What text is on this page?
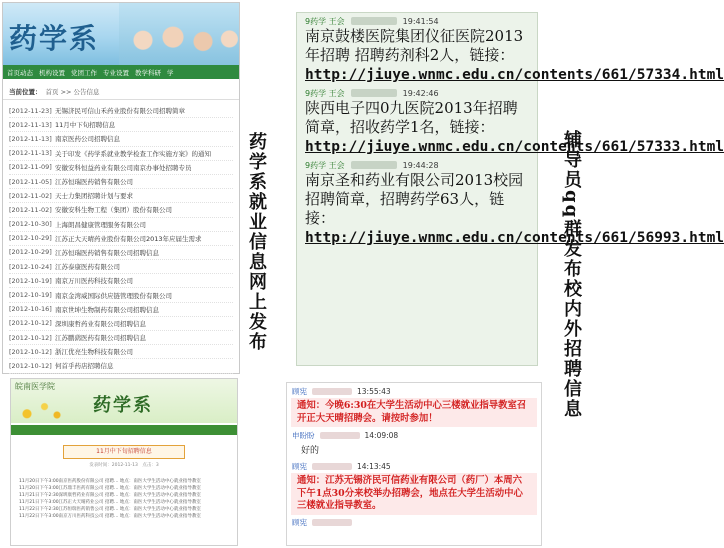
药学系
首页动态 机构设置 党团工作 专业设置 教学科研 学
当前位置： 首页 >> 公告信息
[2012-11-23] 无锡济民可信山禾药业股份有限公司招聘简章
[2012-11-13] 11月中下旬招聘信息
[2012-11-13] 南京医药公司招聘信息
[2012-11-13] 关于印发《药学系就业教学检查工作实施方案》的通知
[2012-11-09] 安徽安科恒益药业有限公司南京办事处招聘专员
[2012-11-05] 江苏恒瑞医药销售有限公司
[2012-11-02] 天士力集团招聘计划与要求
[2012-11-02] 安徽安科生物工程（集团）股份有限公司
[2012-10-30] 上海朗昌健康管理服务有限公司
[2012-10-29] 江苏正大天晴药业股份有限公司2013年应届生需求
[2012-10-29] 江苏恒瑞医药销售有限公司招聘信息
[2012-10-24] 江苏泰康医药有限公司
[2012-10-19] 南京万川医药科技有限公司
[2012-10-19] 南京金湾威国际供应链管理股份有限公司
[2012-10-16] 南京世坤生物制药有限公司招聘信息
[2012-10-12] 深圳康哲药业有限公司招聘信息
[2012-10-12] 江苏鹏鹞医药有限公司招聘信息
[2012-10-12] 浙江优亮生物科技有限公司
[2012-10-12] 何首乎药店招聘信息
皖南医学院
药学系
11月中下旬招聘信息
发表时间：2012-11-13　点击：3
11月20日下午3:00南京医药股份有限公司 招聘… 地点：南医大学生活动中心就业指导教室
11月20日下午3:00江苏鼎丰医药有限公司 招聘… 地点：南医大学生活动中心就业指导教室
11月21日下午2:30深圳康哲药业有限公司 招聘… 地点：南医大学生活动中心就业指导教室
11月21日下午3:00江苏正大天晴药业公司 招聘… 地点：南医大学生活动中心就业指导教室
11月22日下午2:30江苏恒瑞医药销售公司 招聘… 地点：南医大学生活动中心就业指导教室
11月22日下午3:00南京万川医药科技公司 招聘… 地点：南医大学生活动中心就业指导教室
药学系就业信息网上发布	辅导员qq群发布校内外招聘信息
9药学 王会	19:41:54
南京鼓楼医院集团仪征医院2013年招聘 招聘药剂科2人，链接：http://jiuye.wnmc.edu.cn/contents/661/57334.html
9药学 王会	19:42:46
陕西电子四0九医院2013年招聘简章，招收药学1名，链接：http://jiuye.wnmc.edu.cn/contents/661/57333.html
9药学 王会	19:44:28
南京圣和药业有限公司2013校园招聘简章，招聘药学63人，链接：http://jiuye.wnmc.edu.cn/contents/661/56993.html
顾宪	13:55:43
通知：今晚6:30在大学生活动中心三楼就业指导教室召开正大天晴招聘会。请按时参加！
申盼盼	14:09:08
好的
顾宪	14:13:45
通知：江苏无锡济民可信药业有限公司（药厂）本周六下午1点30分来校举办招聘会，地点在大学生活动中心三楼就业指导教室。
顾宪
